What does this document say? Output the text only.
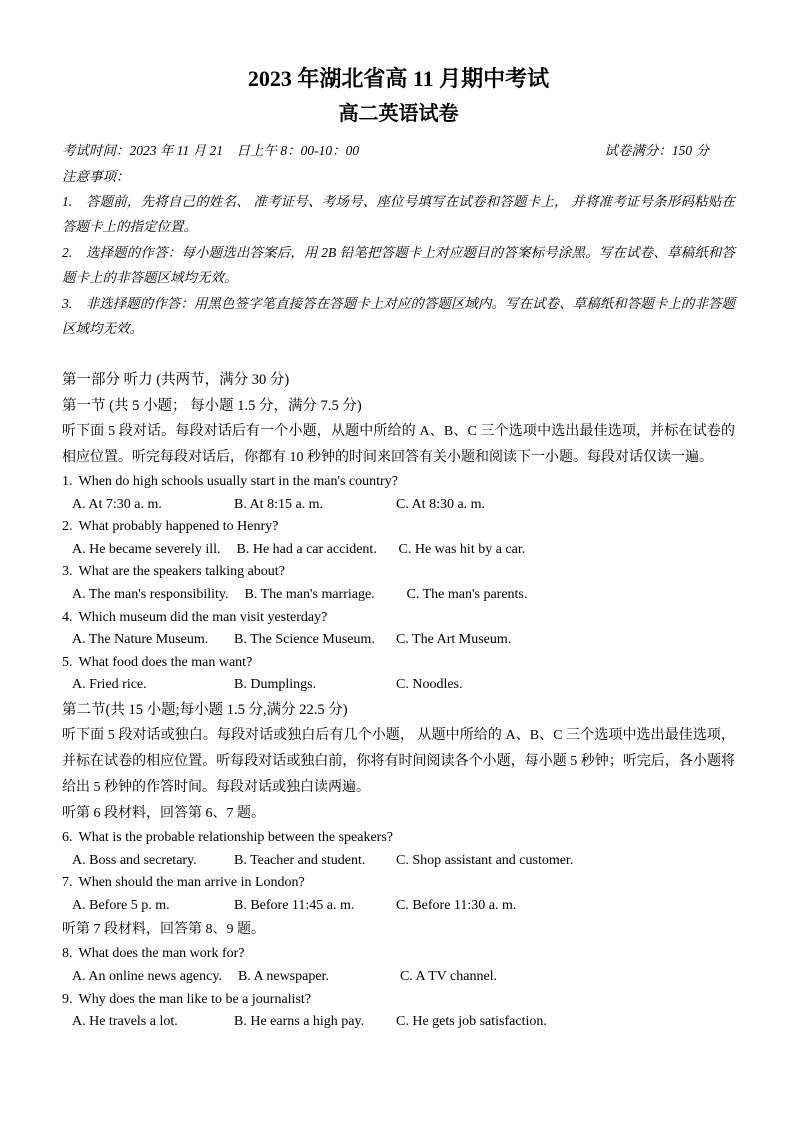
2023 年湖北省高 11 月期中考试
高二英语试卷
考试时间：2023 年 11 月 21　日上午 8：00-10：00	试卷满分：150 分

注意事项：

1.　答题前，先将自己的姓名、 准考证号、考场号、座位号填写在试卷和答题卡上， 并将准考证号条形码粘贴在答题卡上的指定位置。

2.　选择题的作答：每小题选出答案后，用 2B 铅笔把答题卡上对应题目的答案标号涂黑。写在试卷、草稿纸和答题卡上的非答题区域均无效。

3.　非选择题的作答：用黑色签字笔直接答在答题卡上对应的答题区域内。写在试卷、草稿纸和答题卡上的非答题区域均无效。

第一部分 听力 (共两节，满分 30 分)

第一节 (共 5 小题； 每小题 1.5 分，满分 7.5 分)

听下面 5 段对话。每段对话后有一个小题，从题中所给的 A、B、C 三个选项中选出最佳选项，并标在试卷的相应位置。听完每段对话后，你都有 10 秒钟的时间来回答有关小题和阅读下一小题。每段对话仅读一遍。

1. When do high schools usually start in the man's country?

A. At 7:30 a. m.	B. At 8:15 a. m.	C. At 8:30 a. m.

2. What probably happened to Henry?

A. He became severely ill. B. He had a car accident. C. He was hit by a car.

3. What are the speakers talking about?

A. The man's responsibility. B. The man's marriage. C. The man's parents.

4. Which museum did the man visit yesterday?

A. The Nature Museum. B. The Science Museum. C. The Art Museum.

5. What food does the man want?

A. Fried rice.	B. Dumplings.	C. Noodles.

第二节(共 15 小题;每小题 1.5 分,满分 22.5 分)

听下面 5 段对话或独白。每段对话或独白后有几个小题， 从题中所给的 A、B、C 三个选项中选出最佳选项，并标在试卷的相应位置。听每段对话或独白前，你将有时间阅读各个小题，每小题 5 秒钟；听完后，各小题将给出 5 秒钟的作答时间。每段对话或独白读两遍。

听第 6 段材料，回答第 6、7 题。

6. What is the probable relationship between the speakers?

A. Boss and secretary.	B. Teacher and student. C. Shop assistant and customer.

7. When should the man arrive in London?

A. Before 5 p. m.	B. Before 11:45 a. m.	C. Before 11:30 a. m.

听第 7 段材料，回答第 8、9 题。

8. What does the man work for?

A. An online news agency. B. A newspaper.	C. A TV channel.

9. Why does the man like to be a journalist?

A. He travels a lot.	B. He earns a high pay. C. He gets job satisfaction.
